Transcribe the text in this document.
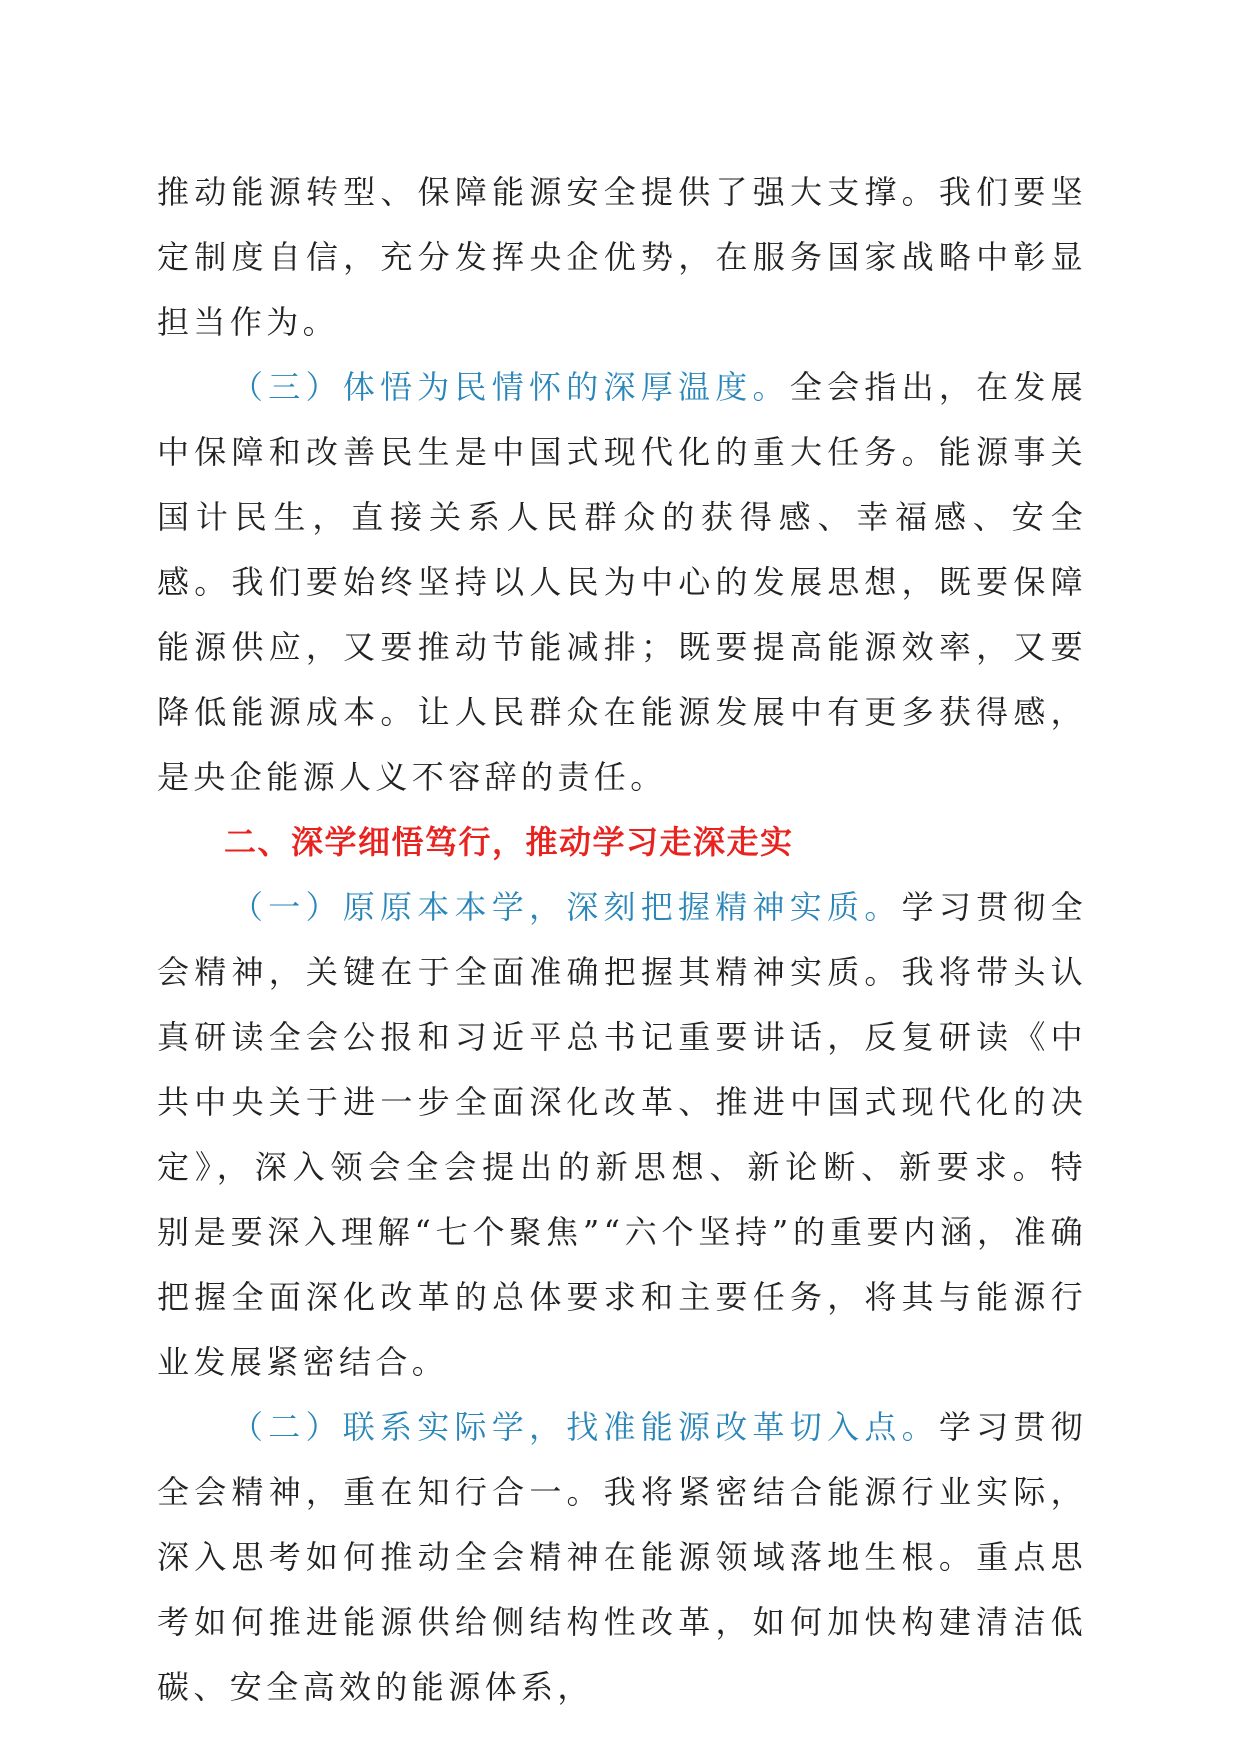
推动能源转型、保障能源安全提供了强大支撑。我们要坚定制度自信，充分发挥央企优势，在服务国家战略中彰显担当作为。

（三）体悟为民情怀的深厚温度。全会指出，在发展中保障和改善民生是中国式现代化的重大任务。能源事关国计民生，直接关系人民群众的获得感、幸福感、安全感。我们要始终坚持以人民为中心的发展思想，既要保障能源供应，又要推动节能减排；既要提高能源效率，又要降低能源成本。让人民群众在能源发展中有更多获得感，是央企能源人义不容辞的责任。

二、深学细悟笃行，推动学习走深走实

（一）原原本本学，深刻把握精神实质。学习贯彻全会精神，关键在于全面准确把握其精神实质。我将带头认真研读全会公报和习近平总书记重要讲话，反复研读《中共中央关于进一步全面深化改革、推进中国式现代化的决定》，深入领会全会提出的新思想、新论断、新要求。特别是要深入理解“七个聚焦”“六个坚持”的重要内涵，准确把握全面深化改革的总体要求和主要任务，将其与能源行业发展紧密结合。

（二）联系实际学，找准能源改革切入点。学习贯彻全会精神，重在知行合一。我将紧密结合能源行业实际，深入思考如何推动全会精神在能源领域落地生根。重点思考如何推进能源供给侧结构性改革，如何加快构建清洁低碳、安全高效的能源体系，
